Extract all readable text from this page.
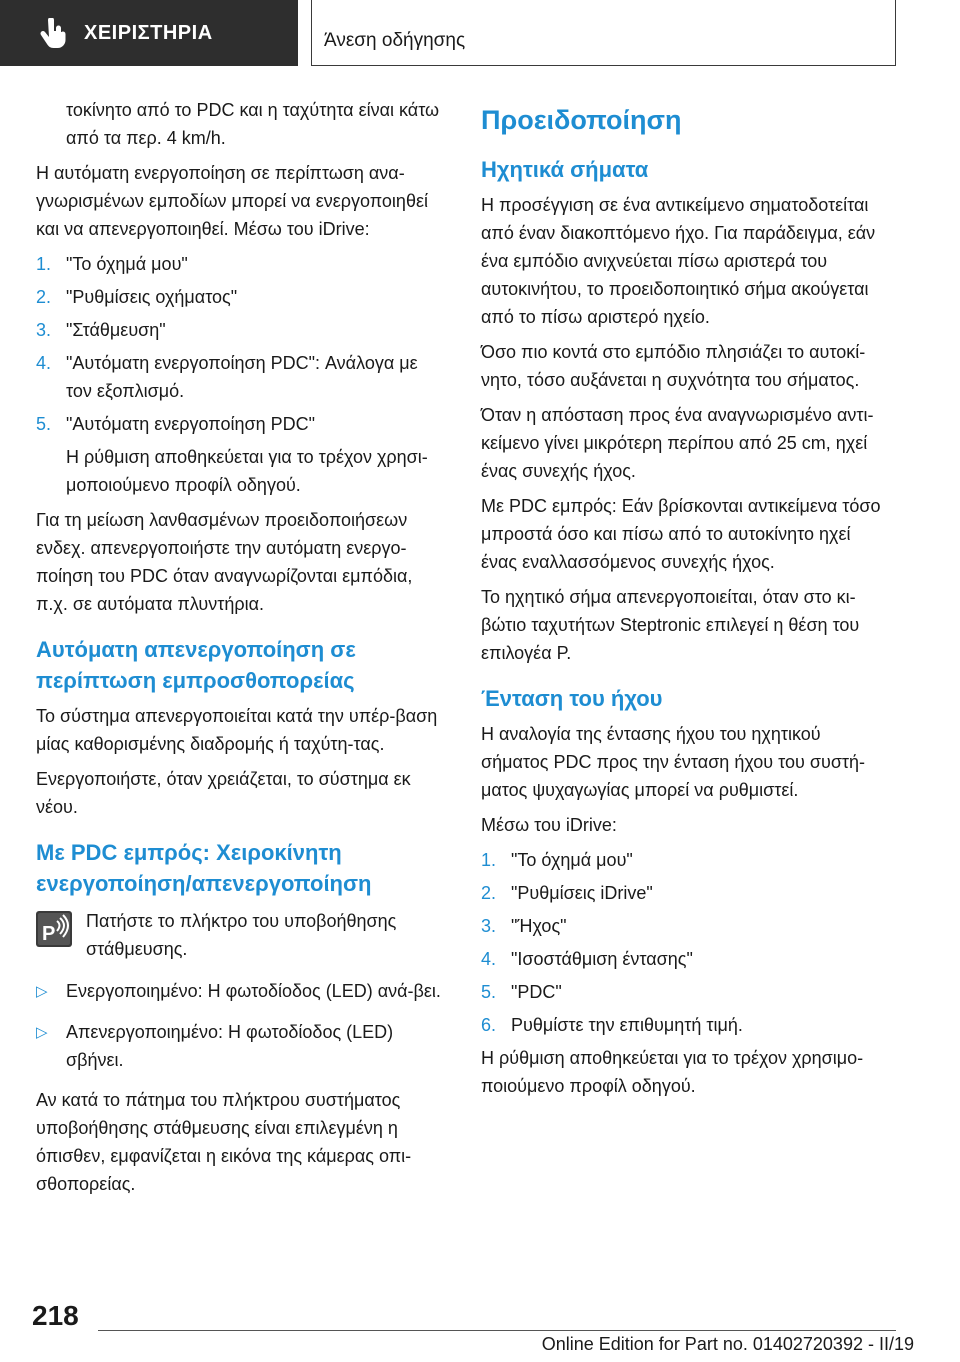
ΧΕΙΡΙΣΤΗΡΙΑ	Άνεση οδήγησης

τοκίνητο από το PDC και η ταχύτητα είναι κάτω από τα περ. 4 km/h.

Η αυτόματη ενεργοποίηση σε περίπτωση ανα‐γνωρισμένων εμποδίων μπορεί να ενεργοποιηθεί και να απενεργοποιηθεί. Μέσω του iDrive:

1. "Το όχημά μου"
2. "Ρυθμίσεις οχήματος"
3. "Στάθμευση"
4. "Αυτόματη ενεργοποίηση PDC": Ανάλογα με τον εξοπλισμό.
5. "Αυτόματη ενεργοποίηση PDC"

Η ρύθμιση αποθηκεύεται για το τρέχον χρησι‐μοποιούμενο προφίλ οδηγού.

Για τη μείωση λανθασμένων προειδοποιήσεων ενδεχ. απενεργοποιήστε την αυτόματη ενεργο‐ποίηση του PDC όταν αναγνωρίζονται εμπόδια, π.χ. σε αυτόματα πλυντήρια.

Αυτόματη απενεργοποίηση σε περίπτωση εμπροσθοπορείας

Το σύστημα απενεργοποιείται κατά την υπέρ‐βαση μίας καθορισμένης διαδρομής ή ταχύτη‐τας.

Ενεργοποιήστε, όταν χρειάζεται, το σύστημα εκ νέου.

Με PDC εμπρός: Χειροκίνητη ενεργοποίηση/απενεργοποίηση
P
Πατήστε το πλήκτρο του υποβοήθησης στάθμευσης.
▷	Ενεργοποιημένο: Η φωτοδίοδος (LED) ανά‐βει.
▷	Απενεργοποιημένο: Η φωτοδίοδος (LED) σβήνει.

Αν κατά το πάτημα του πλήκτρου συστήματος υποβοήθησης στάθμευσης είναι επιλεγμένη η όπισθεν, εμφανίζεται η εικόνα της κάμερας οπι‐σθοπορείας.

Προειδοποίηση
Ηχητικά σήματα

Η προσέγγιση σε ένα αντικείμενο σηματοδοτείται από έναν διακοπτόμενο ήχο. Για παράδειγμα, εάν ένα εμπόδιο ανιχνεύεται πίσω αριστερά του αυτοκινήτου, το προειδοποιητικό σήμα ακούγεται από το πίσω αριστερό ηχείο.

Όσο πιο κοντά στο εμπόδιο πλησιάζει το αυτοκί‐νητο, τόσο αυξάνεται η συχνότητα του σήματος.

Όταν η απόσταση προς ένα αναγνωρισμένο αντι‐κείμενο γίνει μικρότερη περίπου από 25 cm, ηχεί ένας συνεχής ήχος.

Με PDC εμπρός: Εάν βρίσκονται αντικείμενα τόσο μπροστά όσο και πίσω από το αυτοκίνητο ηχεί ένας εναλλασσόμενος συνεχής ήχος.

Το ηχητικό σήμα απενεργοποιείται, όταν στο κι‐βώτιο ταχυτήτων Steptronic επιλεγεί η θέση του επιλογέα P.

Ένταση του ήχου

Η αναλογία της έντασης ήχου του ηχητικού σήματος PDC προς την ένταση ήχου του συστή‐ματος ψυχαγωγίας μπορεί να ρυθμιστεί.

Μέσω του iDrive:

1. "Το όχημά μου"
2. "Ρυθμίσεις iDrive"
3. "Ήχος"
4. "Ισοστάθμιση έντασης"
5. "PDC"
6. Ρυθμίστε την επιθυμητή τιμή.

Η ρύθμιση αποθηκεύεται για το τρέχον χρησιμο‐ποιούμενο προφίλ οδηγού.

218
Online Edition for Part no. 01402720392 - II/19
